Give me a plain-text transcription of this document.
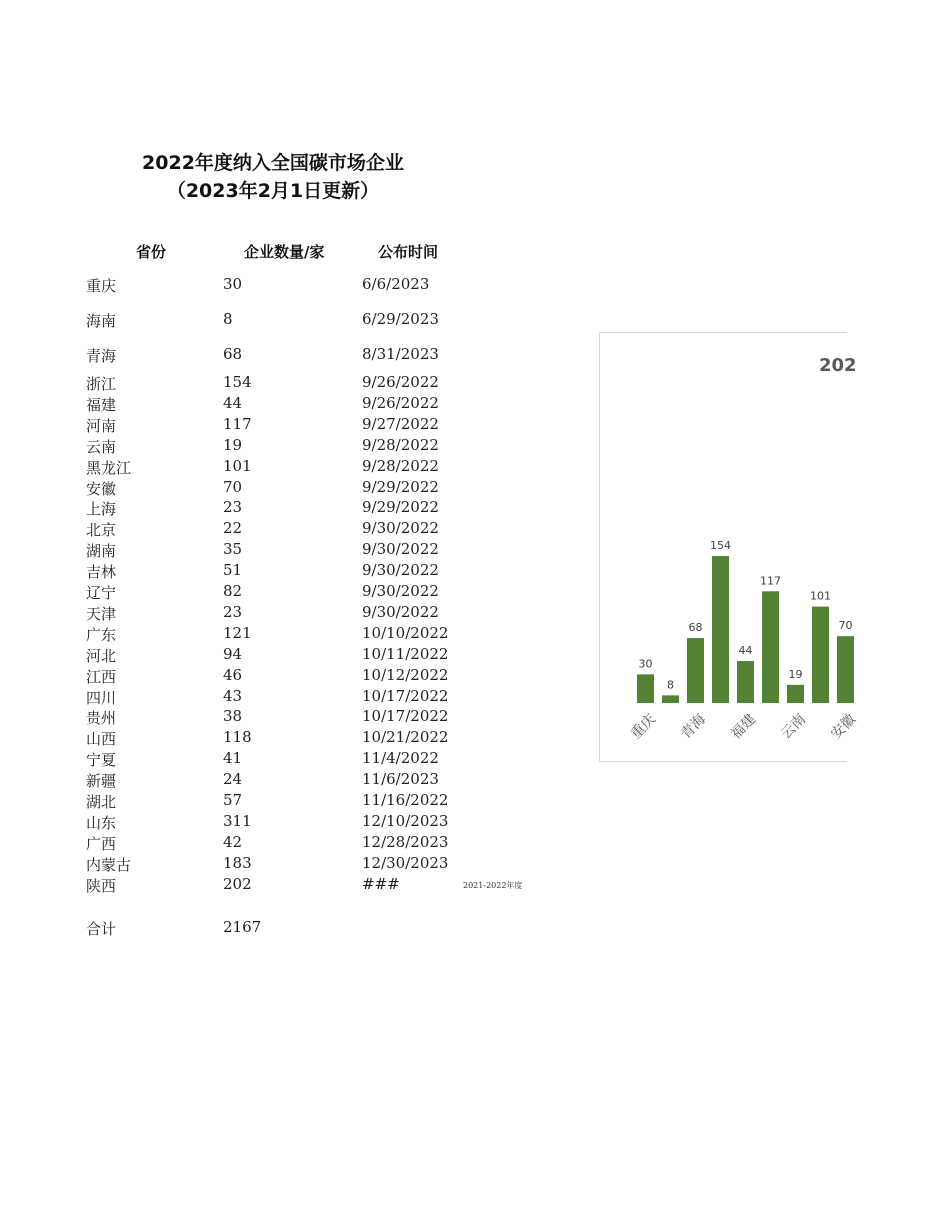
2022年度纳入全国碳市场企业
（2023年2月1日更新）
省份	企业数量/家	公布时间
重庆	30	6/6/2023
海南	8	6/29/2023
青海	68	8/31/2023
浙江	154	9/26/2022
福建	44	9/26/2022
河南	117	9/27/2022
云南	19	9/28/2022
黑龙江	101	9/28/2022
安徽	70	9/29/2022
上海	23	9/29/2022
北京	22	9/30/2022
湖南	35	9/30/2022
吉林	51	9/30/2022
辽宁	82	9/30/2022
天津	23	9/30/2022
广东	121	10/10/2022
河北	94	10/11/2022
江西	46	10/12/2022
四川	43	10/17/2022
贵州	38	10/17/2022
山西	118	10/21/2022
宁夏	41	11/4/2022
新疆	24	11/6/2023
湖北	57	11/16/2022
山东	311	12/10/2023
广西	42	12/28/2023
内蒙古	183	12/30/2023
陕西	202	###
合计	2167
2021-2022年度
202
30
重庆
8
68
青海
154
44
福建
117
19
云南
101
70
安徽
